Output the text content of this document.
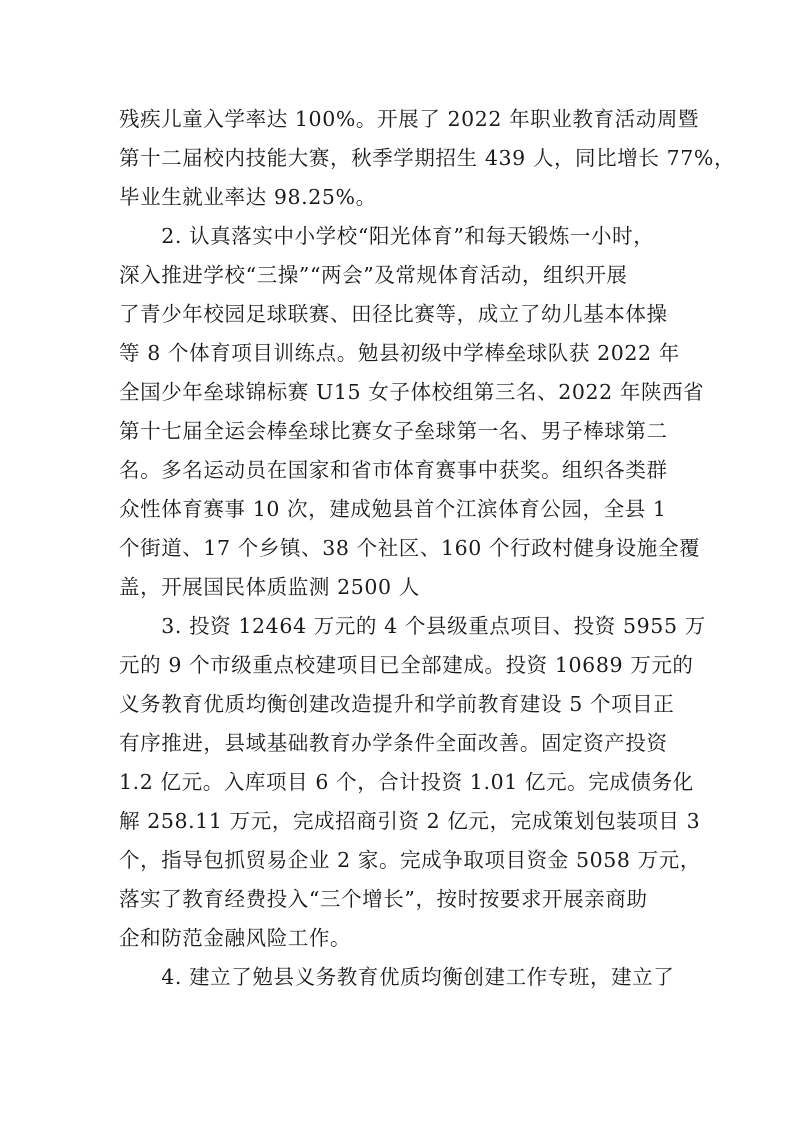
残疾儿童入学率达 100%。开展了 2022 年职业教育活动周暨
第十二届校内技能大赛，秋季学期招生 439 人，同比增长 77%，
毕业生就业率达 98.25%。

　　2. 认真落实中小学校“阳光体育”和每天锻炼一小时，
深入推进学校“三操”“两会”及常规体育活动，组织开展
了青少年校园足球联赛、田径比赛等，成立了幼儿基本体操
等 8 个体育项目训练点。勉县初级中学棒垒球队获 2022 年
全国少年垒球锦标赛 U15 女子体校组第三名、2022 年陕西省
第十七届全运会棒垒球比赛女子垒球第一名、男子棒球第二
名。多名运动员在国家和省市体育赛事中获奖。组织各类群
众性体育赛事 10 次，建成勉县首个江滨体育公园，全县 1
个街道、17 个乡镇、38 个社区、160 个行政村健身设施全覆
盖，开展国民体质监测 2500 人

　　3. 投资 12464 万元的 4 个县级重点项目、投资 5955 万
元的 9 个市级重点校建项目已全部建成。投资 10689 万元的
义务教育优质均衡创建改造提升和学前教育建设 5 个项目正
有序推进，县域基础教育办学条件全面改善。固定资产投资
1.2 亿元。入库项目 6 个，合计投资 1.01 亿元。完成债务化
解 258.11 万元，完成招商引资 2 亿元，完成策划包装项目 3
个，指导包抓贸易企业 2 家。完成争取项目资金 5058 万元，
落实了教育经费投入“三个增长”，按时按要求开展亲商助
企和防范金融风险工作。

　　4. 建立了勉县义务教育优质均衡创建工作专班，建立了
